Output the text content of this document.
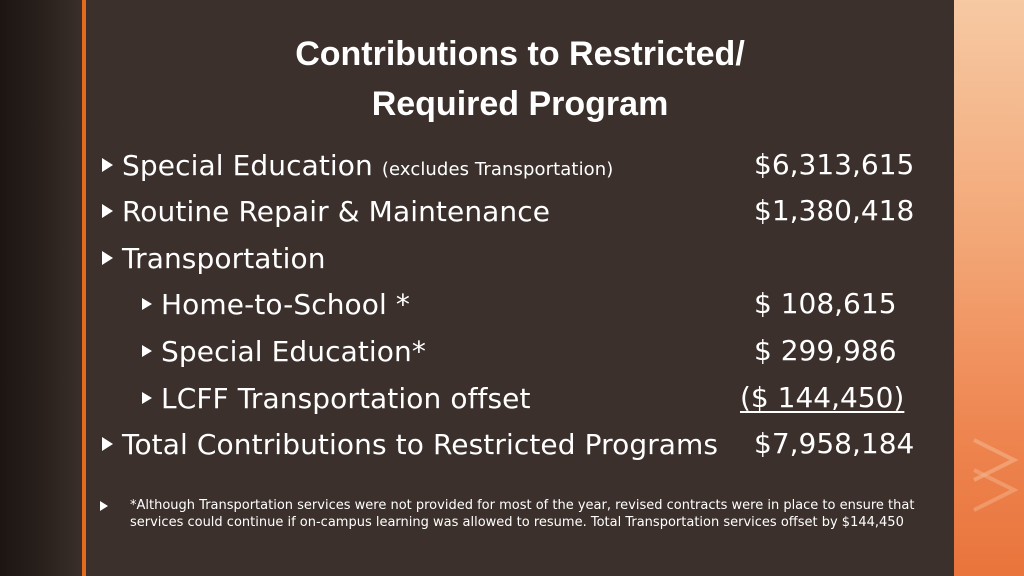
Contributions to Restricted/
Required Program
Special Education (excludes Transportation)	$6,313,615
Routine Repair & Maintenance	$1,380,418
Transportation
Home-to-School *	$ 108,615
Special Education*	$ 299,986
LCFF Transportation offset	($ 144,450)
Total Contributions to Restricted Programs $7,958,184
*Although Transportation services were not provided for most of the year, revised contracts were in place to ensure that services could continue if on-campus learning was allowed to resume. Total Transportation services offset by $144,450
